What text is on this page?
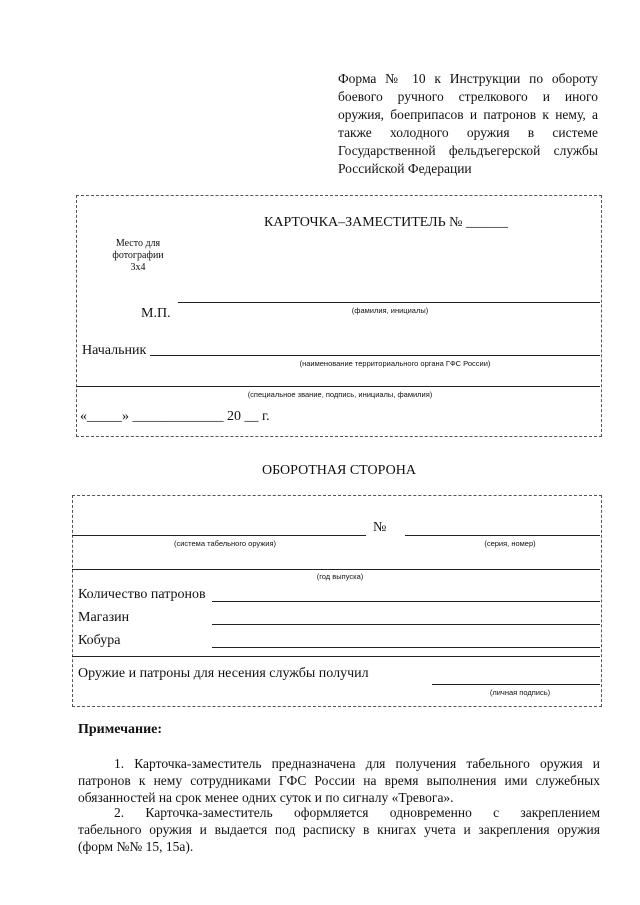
Форма № 10 к Инструкции по обороту
боевого ручного стрелкового и иного
оружия, боеприпасов и патронов к нему, а
также холодного оружия в системе
Государственной фельдъегерской службы
Российской Федерации
КАРТОЧКА–ЗАМЕСТИТЕЛЬ № ______
Место для
фотографии
3х4
М.П.	(фамилия, инициалы)
Начальник
(наименование территориального органа ГФС России)
(специальное звание, подпись, инициалы, фамилия)
«_____» _____________ 20 __ г.
ОБОРОТНАЯ СТОРОНА
№
(система табельного оружия)	(серия, номер)
(год выпуска)
Количество патронов
Магазин
Кобура
Оружие и патроны для несения службы получил
(личная подпись)
Примечание:
1. Карточка-заместитель предназначена для получения табельного оружия и
патронов к нему сотрудниками ГФС России на время выполнения ими служебных
обязанностей на срок менее одних суток и по сигналу «Тревога».
2. Карточка-заместитель оформляется одновременно с закреплением
табельного оружия и выдается под расписку в книгах учета и закрепления оружия
(форм №№ 15, 15а).
